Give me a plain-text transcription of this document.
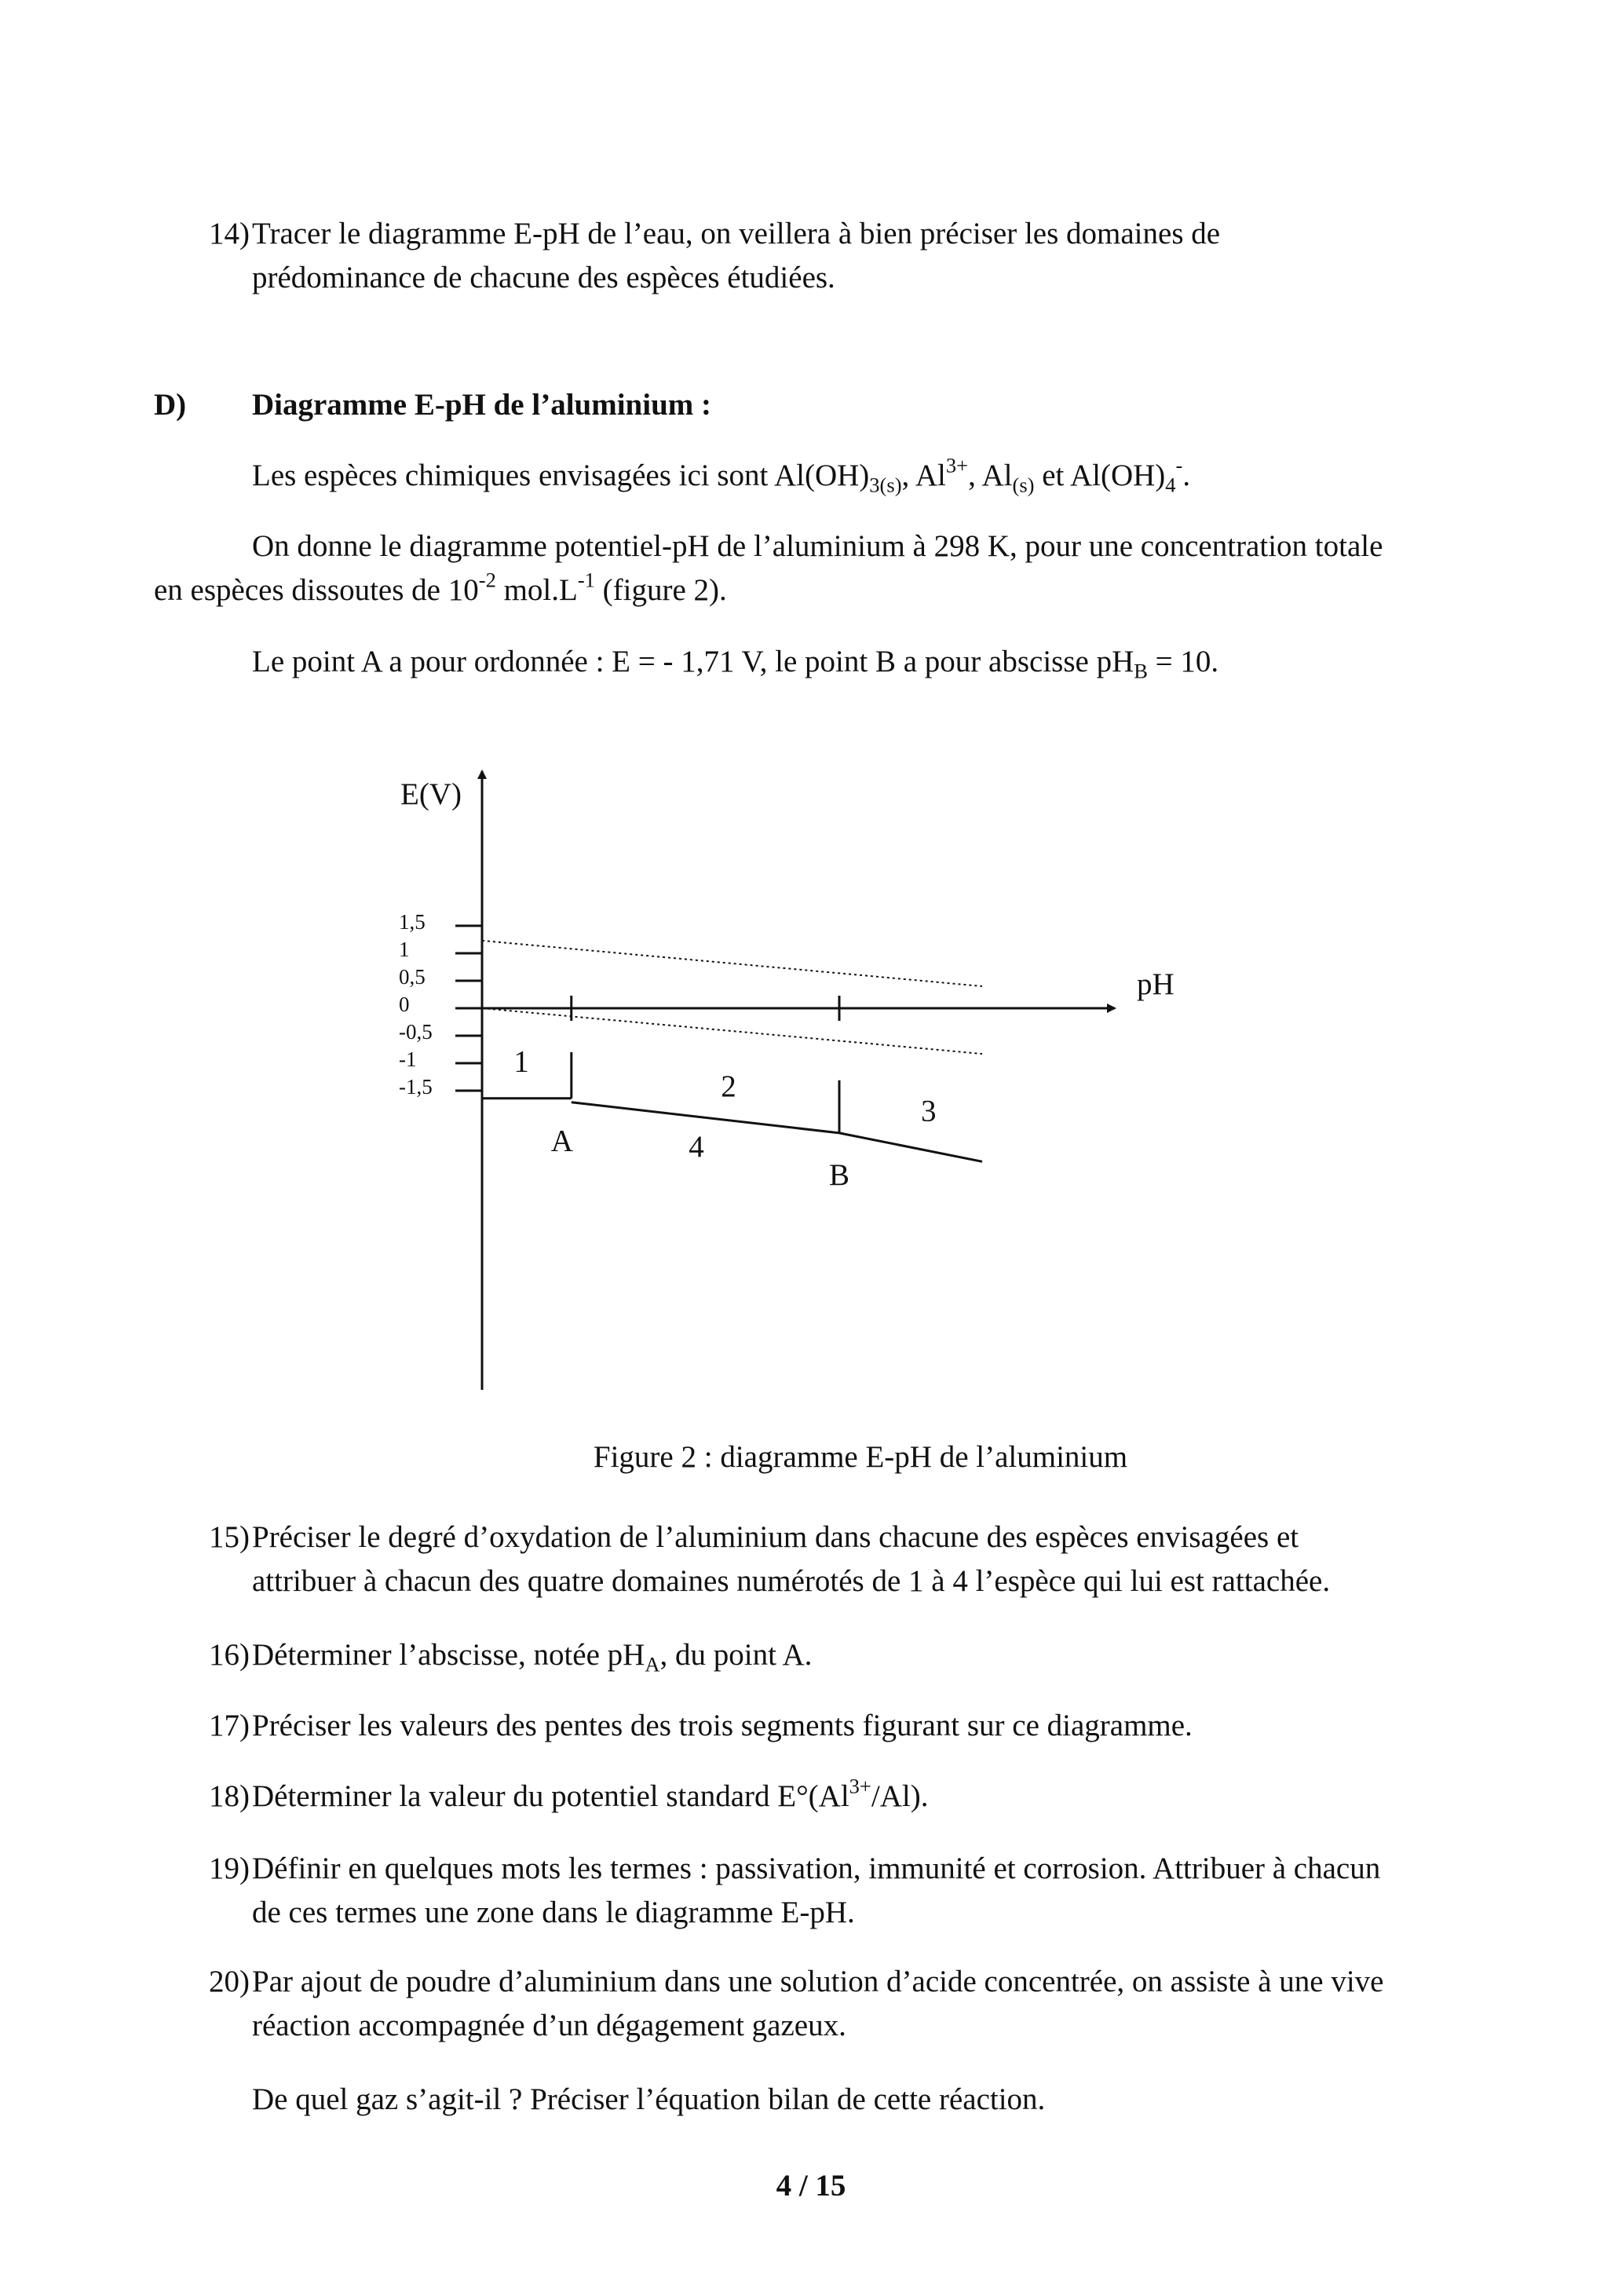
14) Tracer le diagramme E-pH de l’eau, on veillera à bien préciser les domaines de
prédominance de chacune des espèces étudiées.
D) Diagramme E-pH de l’aluminium :
Les espèces chimiques envisagées ici sont $Al(OH)_{3(s)}$, $Al^{3+}$, $Al_{(s)}$ et $Al(OH)_4^-$.
On donne le diagramme potentiel-pH de l’aluminium à 298 K, pour une concentration totale
en espèces dissoutes de $10^{-2}$ $mol.L^{-1}$ (figure 2).
Le point A a pour ordonnée : E = - 1,71 V, le point B a pour abscisse $pH_B = 10$.
E(V)
pH
1,5
1
0,5
0
-0,5
-1
-1,5
A
B
1
2
3
4
Figure 2 : diagramme E-pH de l’aluminium
15) Préciser le degré d’oxydation de l’aluminium dans chacune des espèces envisagées et
attribuer à chacun des quatre domaines numérotés de 1 à 4 l’espèce qui lui est rattachée.
16) Déterminer l’abscisse, notée $pH_A$, du point A.
17) Préciser les valeurs des pentes des trois segments figurant sur ce diagramme.
18) Déterminer la valeur du potentiel standard $E^\circ(Al^{3+}/Al)$.
19) Définir en quelques mots les termes : passivation, immunité et corrosion. Attribuer à chacun
de ces termes une zone dans le diagramme E-pH.
20) Par ajout de poudre d’aluminium dans une solution d’acide concentrée, on assiste à une vive
réaction accompagnée d’un dégagement gazeux.
De quel gaz s’agit-il ? Préciser l’équation bilan de cette réaction.
4 / 15
